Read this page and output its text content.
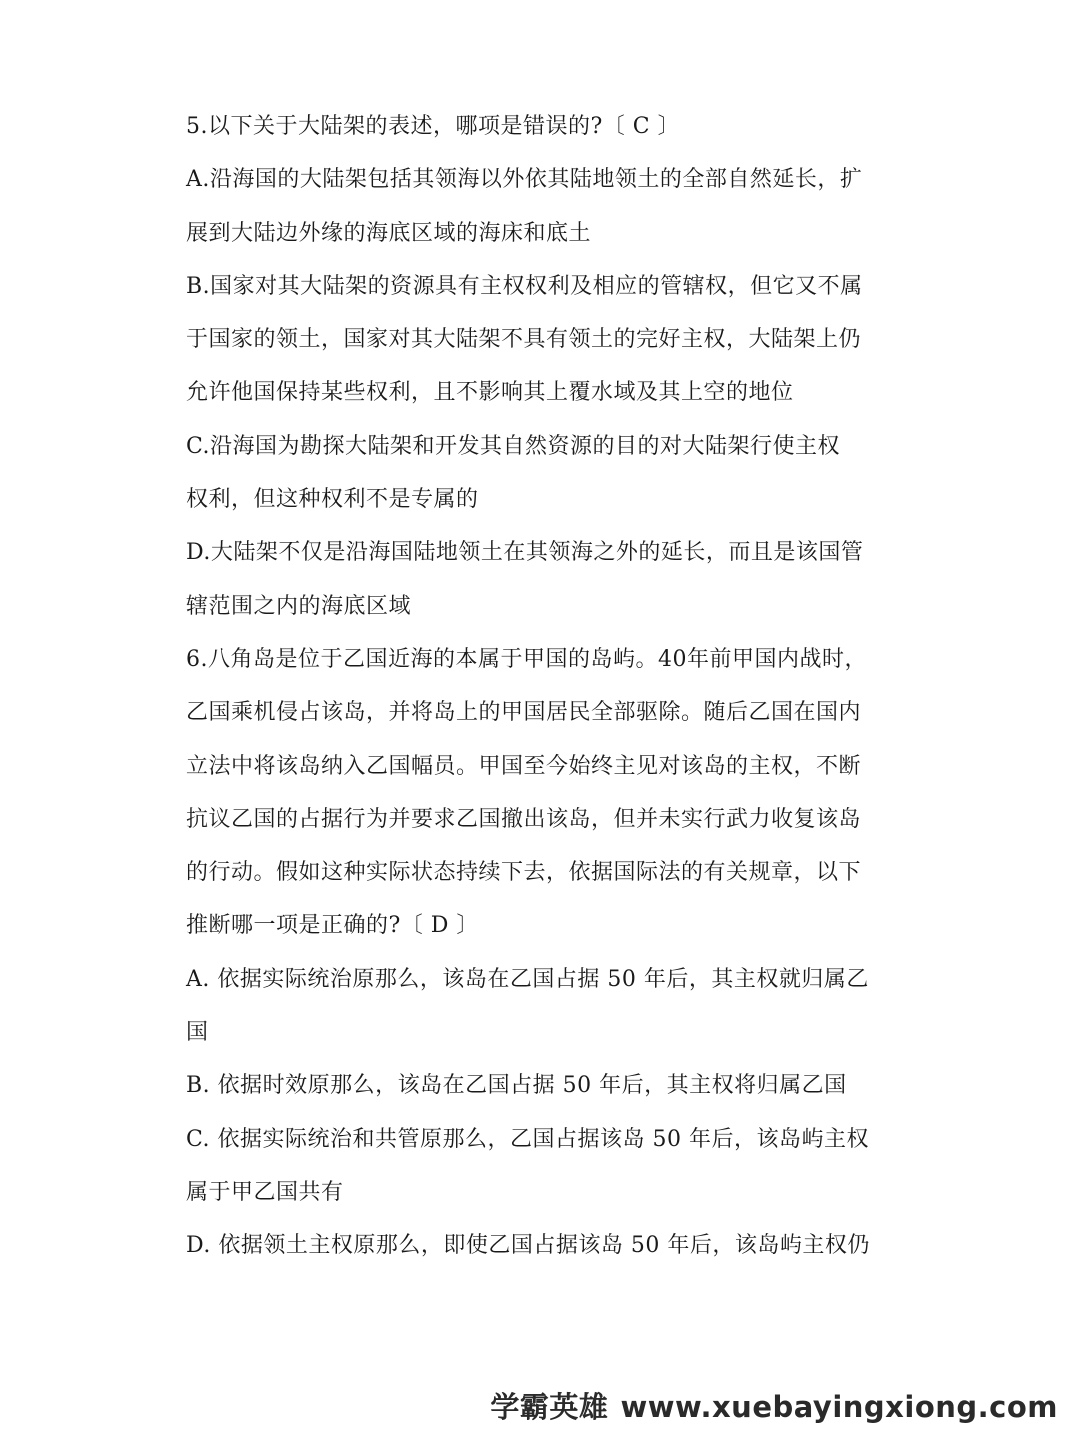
5.以下关于大陆架的表述，哪项是错误的?〔 C 〕
A.沿海国的大陆架包括其领海以外依其陆地领土的全部自然延长，扩
展到大陆边外缘的海底区域的海床和底土
B.国家对其大陆架的资源具有主权权利及相应的管辖权，但它又不属
于国家的领土，国家对其大陆架不具有领土的完好主权，大陆架上仍
允许他国保持某些权利，且不影响其上覆水域及其上空的地位
C.沿海国为勘探大陆架和开发其自然资源的目的对大陆架行使主权
权利，但这种权利不是专属的
D.大陆架不仅是沿海国陆地领土在其领海之外的延长，而且是该国管
辖范围之内的海底区域
6.八角岛是位于乙国近海的本属于甲国的岛屿。40年前甲国内战时，
乙国乘机侵占该岛，并将岛上的甲国居民全部驱除。随后乙国在国内
立法中将该岛纳入乙国幅员。甲国至今始终主见对该岛的主权，不断
抗议乙国的占据行为并要求乙国撤出该岛，但并未实行武力收复该岛
的行动。假如这种实际状态持续下去，依据国际法的有关规章，以下
推断哪一项是正确的?〔 D 〕
A. 依据实际统治原那么，该岛在乙国占据 50 年后，其主权就归属乙
国
B. 依据时效原那么，该岛在乙国占据 50 年后，其主权将归属乙国
C. 依据实际统治和共管原那么，乙国占据该岛 50 年后，该岛屿主权
属于甲乙国共有
D. 依据领土主权原那么，即使乙国占据该岛 50 年后，该岛屿主权仍
学霸英雄 www.xuebayingxiong.com
